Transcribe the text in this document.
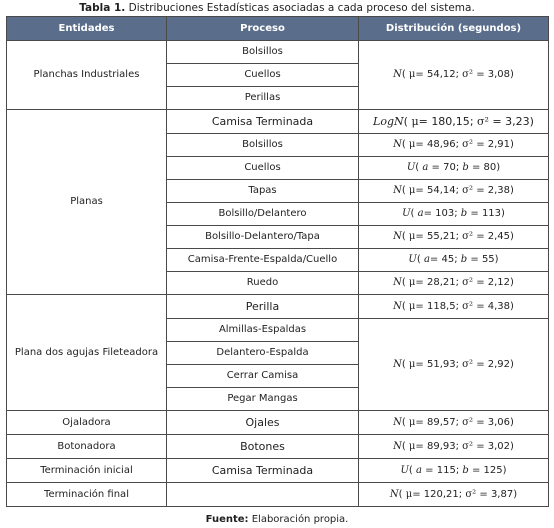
Tabla 1. Distribuciones Estadísticas asociadas a cada proceso del sistema.
Entidades	Proceso	Distribución (segundos)
Planchas Industriales	Bolsillos	N( μ= 54,12; σ² = 3,08)
	Cuellos	
	Perillas	
Planas	Camisa Terminada	LogN( μ= 180,15; σ² = 3,23)
	Bolsillos	N( μ= 48,96; σ² = 2,91)
	Cuellos	U( a = 70; b = 80)
	Tapas	N( μ= 54,14; σ² = 2,38)
	Bolsillo/Delantero	U( a= 103; b = 113)
	Bolsillo-Delantero/Tapa	N( μ= 55,21; σ² = 2,45)
	Camisa-Frente-Espalda/Cuello	U( a= 45; b = 55)
	Ruedo	N( μ= 28,21; σ² = 2,12)
Plana dos agujas Fileteadora	Perilla	N( μ= 118,5; σ² = 4,38)
	Almillas-Espaldas	N( μ= 51,93; σ² = 2,92)
	Delantero-Espalda	
	Cerrar Camisa	
	Pegar Mangas	
Ojaladora	Ojales	N( μ= 89,57; σ² = 3,06)
Botonadora	Botones	N( μ= 89,93; σ² = 3,02)
Terminación inicial	Camisa Terminada	U( a = 115; b = 125)
Terminación final		N( μ= 120,21; σ² = 3,87)
Fuente: Elaboración propia.
